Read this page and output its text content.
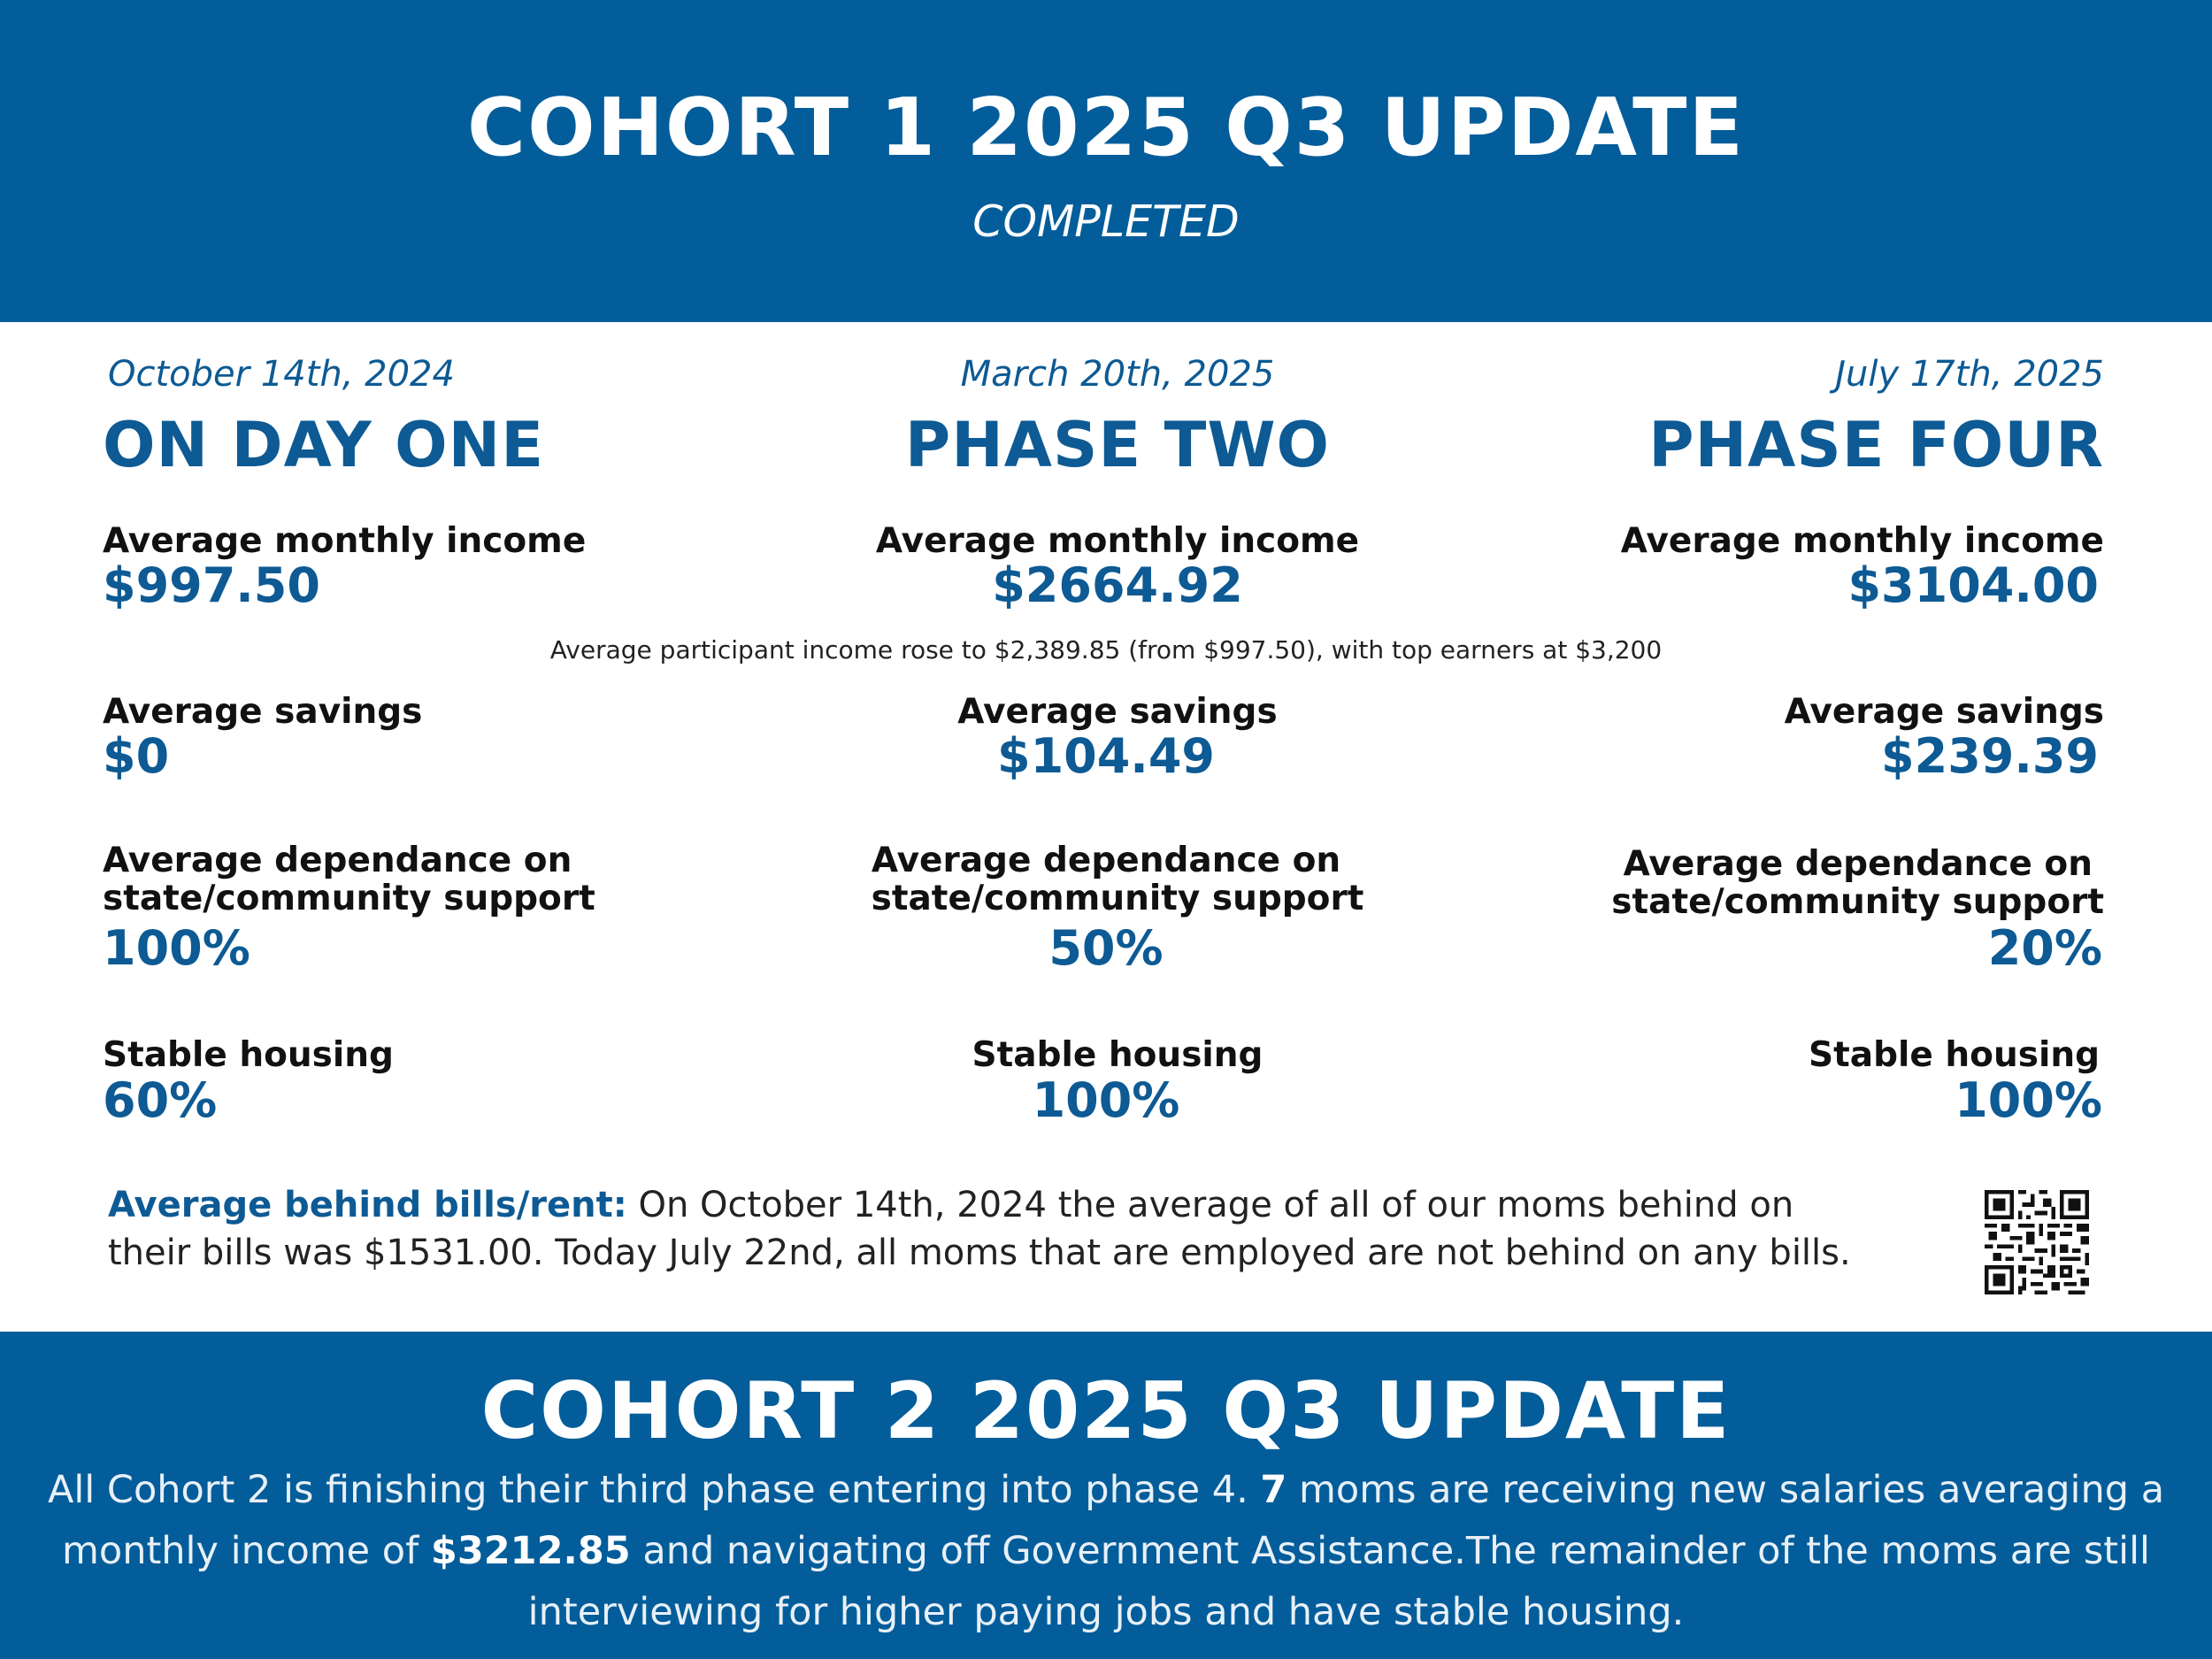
COHORT 1 2025 Q3 UPDATE
COMPLETED
October 14th, 2024
ON DAY ONE
Average monthly income
$997.50
Average savings
$0
Average dependance on
state/community support
100%
Stable housing
60%
March 20th, 2025
PHASE TWO
Average monthly income
$2664.92
Average savings
$104.49
Average dependance on
state/community support
50%
Stable housing
100%
July 17th, 2025
PHASE FOUR
Average monthly income
$3104.00
Average savings
$239.39
Average dependance on
state/community support
20%
Stable housing
100%
Average participant income rose to $2,389.85 (from $997.50), with top earners at $3,200
Average behind bills/rent: On October 14th, 2024 the average of all of our moms behind on their bills was $1531.00. Today July 22nd, all moms that are employed are not behind on any bills.
COHORT 2 2025 Q3 UPDATE
All Cohort 2 is finishing their third phase entering into phase 4. 7 moms are receiving new salaries averaging a monthly income of $3212.85 and navigating off Government Assistance.The remainder of the moms are still interviewing for higher paying jobs and have stable housing.
